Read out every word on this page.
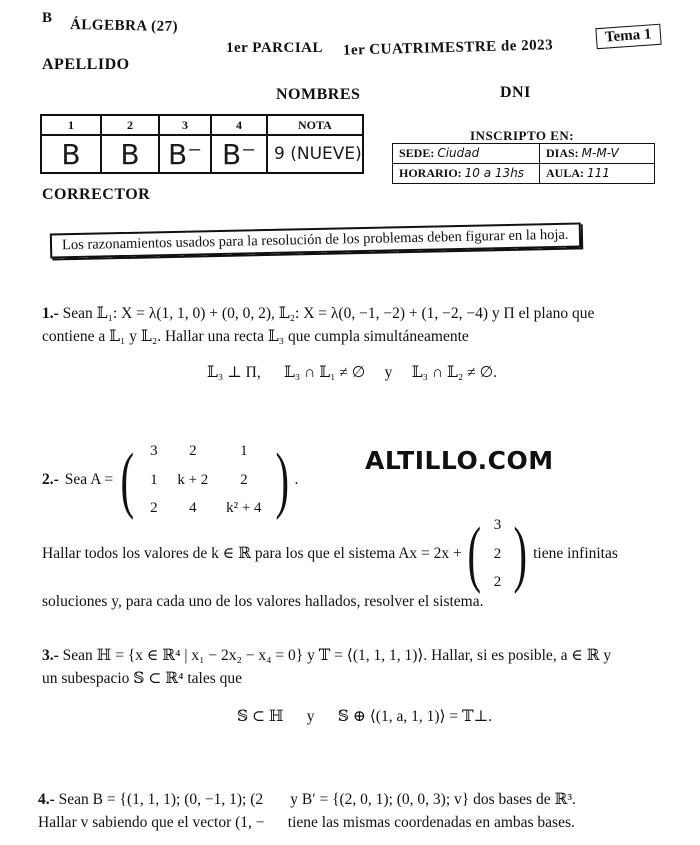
B ÁLGEBRA (27)
1er PARCIAL 1er CUATRIMESTRE de 2023
Tema 1
APELLIDO
NOMBRES	DNI
1	2	3	4	NOTA
B	B	B⁻	B⁻	9 (NUEVE)
INSCRIPTO EN:
SEDE: Ciudad	DIAS: M-M-V
HORARIO: 10 a 13hs	AULA: 111
CORRECTOR
Los razonamientos usados para la resolución de los problemas deben figurar en la hoja.
1.- Sean 𝕃₁: X = λ(1, 1, 0) + (0, 0, 2), 𝕃₂: X = λ(0, −1, −2) + (1, −2, −4) y Π el plano que
contiene a 𝕃₁ y 𝕃₂. Hallar una recta 𝕃₃ que cumpla simultáneamente
𝕃₃ ⊥ Π,      𝕃₃ ∩ 𝕃₁ ≠ ∅     y     𝕃₃ ∩ 𝕃₂ ≠ ∅.
ALTILLO.COM
2.- Sea A = (	3	2	1
1	k + 2	2
2	4	k² + 4 ) .
Hallar todos los valores de k ∈ ℝ para los que el sistema Ax = 2x + ( 3
2
2 ) tiene infinitas
soluciones y, para cada uno de los valores hallados, resolver el sistema.
3.- Sean ℍ = {x ∈ ℝ⁴ | x₁ − 2x₂ − x₄ = 0} y 𝕋 = ⟨(1, 1, 1, 1)⟩. Hallar, si es posible, a ∈ ℝ y
un subespacio 𝕊 ⊂ ℝ⁴ tales que
𝕊 ⊂ ℍ      y      𝕊 ⊕ ⟨(1, a, 1, 1)⟩ = 𝕋⊥.
4.- Sean B = {(1, 1, 1); (0, −1, 1); (2       y B′ = {(2, 0, 1); (0, 0, 3); v} dos bases de ℝ³.
Hallar v sabiendo que el vector (1, −      tiene las mismas coordenadas en ambas bases.
